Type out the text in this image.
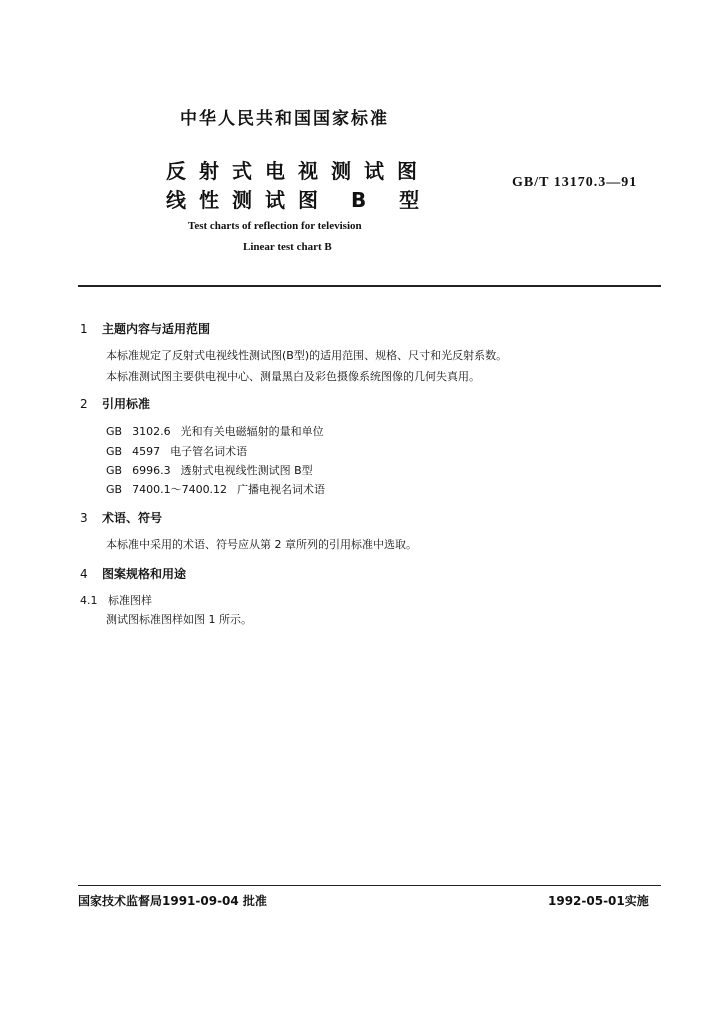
中华人民共和国国家标准
反射式电视测试图
线性测试图 B 型
GB/T 13170.3—91
Test charts of reflection for television
Linear test chart B
1 主题内容与适用范围
本标准规定了反射式电视线性测试图(B型)的适用范围、规格、尺寸和光反射系数。
本标准测试图主要供电视中心、测量黑白及彩色摄像系统图像的几何失真用。
2 引用标准
GB 3102.6 光和有关电磁辐射的量和单位
GB 4597 电子管名词术语
GB 6996.3 透射式电视线性测试图 B型
GB 7400.1～7400.12 广播电视名词术语
3 术语、符号
本标准中采用的术语、符号应从第 2 章所列的引用标准中选取。
4 图案规格和用途
4.1 标准图样
测试图标准图样如图 1 所示。
国家技术监督局1991-09-04 批准	1992-05-01实施
